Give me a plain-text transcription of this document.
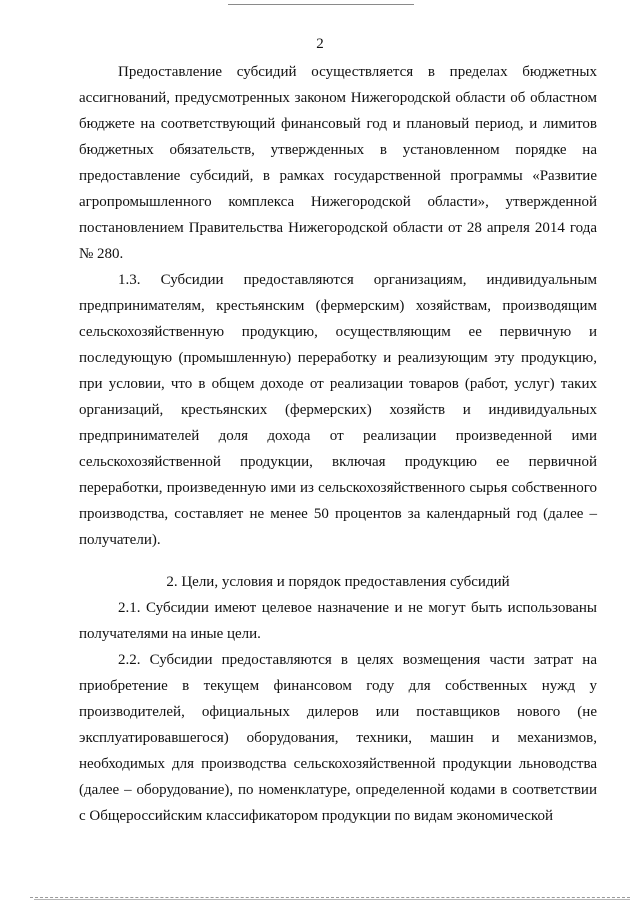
2

Предоставление субсидий осуществляется в пределах бюджетных ассигнований, предусмотренных законом Нижегородской области об областном бюджете на соответствующий финансовый год и плановый период, и лимитов бюджетных обязательств, утвержденных в установленном порядке на предоставление субсидий, в рамках государственной программы «Развитие агропромышленного комплекса Нижегородской области», утвержденной постановлением Правительства Нижегородской области от 28 апреля 2014 года № 280.

1.3. Субсидии предоставляются организациям, индивидуальным предпринимателям, крестьянским (фермерским) хозяйствам, производящим сельскохозяйственную продукцию, осуществляющим ее первичную и последующую (промышленную) переработку и реализующим эту продукцию, при условии, что в общем доходе от реализации товаров (работ, услуг) таких организаций, крестьянских (фермерских) хозяйств и индивидуальных предпринимателей доля дохода от реализации произведенной ими сельскохозяйственной продукции, включая продукцию ее первичной переработки, произведенную ими из сельскохозяйственного сырья собственного производства, составляет не менее 50 процентов за календарный год (далее – получатели).

2. Цели, условия и порядок предоставления субсидий

2.1. Субсидии имеют целевое назначение и не могут быть использованы получателями на иные цели.

2.2. Субсидии предоставляются в целях возмещения части затрат на приобретение в текущем финансовом году для собственных нужд у производителей, официальных дилеров или поставщиков нового (не эксплуатировавшегося) оборудования, техники, машин и механизмов, необходимых для производства сельскохозяйственной продукции льноводства (далее – оборудование), по номенклатуре, определенной кодами в соответствии с Общероссийским классификатором продукции по видам экономической
